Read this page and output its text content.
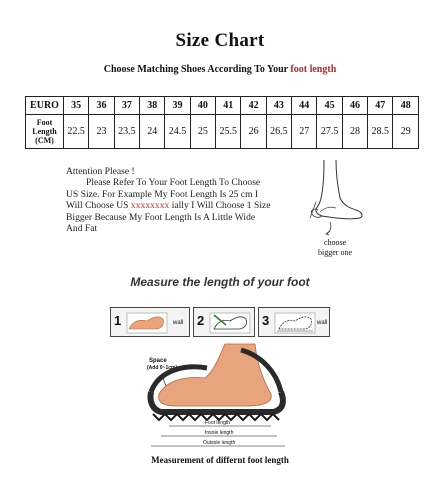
Size Chart
Choose Matching Shoes According To Your foot length
EURO	35	36	37	38	39	40	41	42	43	44	45	46	47	48

Foot
Length
(CM)	22.5	23	23.5	24	24.5	25	25.5	26	26.5	27	27.5	28	28.5	29
Attention Please !
Please Refer To Your Foot Length To Choose
US Size. For Example My Foot Length Is 25 cm I
Will Choose US xxxxxxxx ially I Will Choose 1 Size
Bigger Because My Foot Length Is A Little Wide
And Fat
choose
bigger one
Measure the length of your foot
1	wall 2	3	wall
Space
(Add 0~1cm)
Foot length
Insole length
Outsole length
Measurement of differnt foot length
